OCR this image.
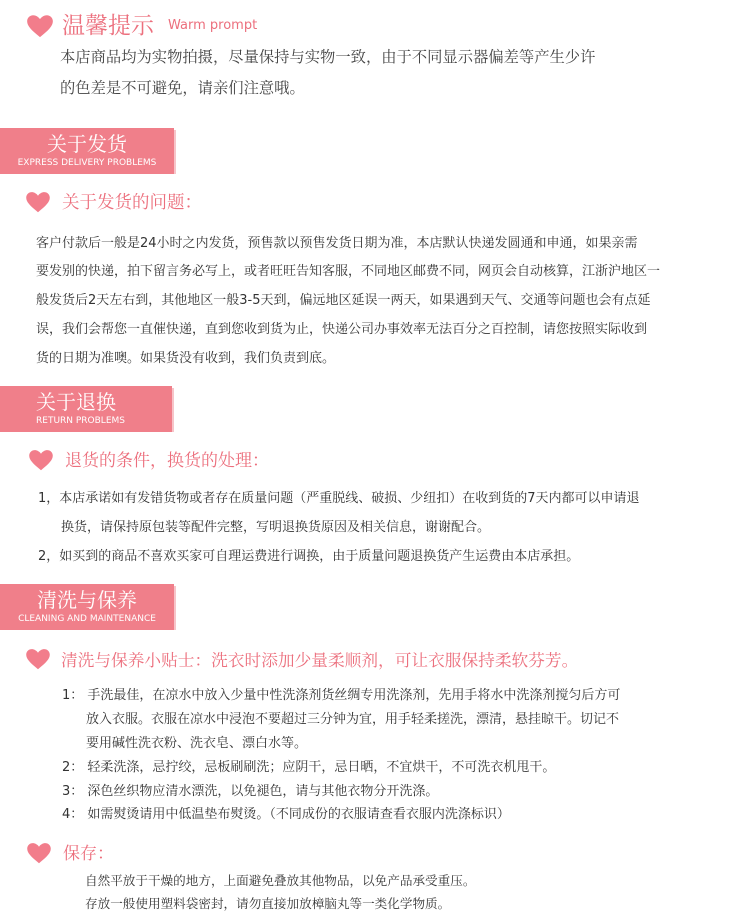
温馨提示 Warm prompt
本店商品均为实物拍摄，尽量保持与实物一致，由于不同显示器偏差等产生少许
的色差是不可避免，请亲们注意哦。
关于发货
EXPRESS DELIVERY PROBLEMS
关于发货的问题：
客户付款后一般是24小时之内发货，预售款以预售发货日期为准，本店默认快递发圆通和申通，如果亲需
要发别的快递，拍下留言务必写上，或者旺旺告知客服，不同地区邮费不同，网页会自动核算，江浙沪地区一
般发货后2天左右到，其他地区一般3-5天到，偏远地区延误一两天，如果遇到天气、交通等问题也会有点延
误，我们会帮您一直催快递，直到您收到货为止，快递公司办事效率无法百分之百控制，请您按照实际收到
货的日期为准噢。如果货没有收到，我们负责到底。
关于退换
RETURN PROBLEMS
退货的条件，换货的处理：
1，本店承诺如有发错货物或者存在质量问题（严重脱线、破损、少纽扣）在收到货的7天内都可以申请退
换货，请保持原包装等配件完整，写明退换货原因及相关信息，谢谢配合。
2，如买到的商品不喜欢买家可自理运费进行调换，由于质量问题退换货产生运费由本店承担。
清洗与保养
CLEANING AND MAINTENANCE
清洗与保养小贴士：洗衣时添加少量柔顺剂，可让衣服保持柔软芬芳。
1： 手洗最佳，在凉水中放入少量中性洗涤剂货丝绸专用洗涤剂，先用手将水中洗涤剂搅匀后方可
放入衣服。衣服在凉水中浸泡不要超过三分钟为宜，用手轻柔搓洗，漂清，悬挂晾干。切记不
要用碱性洗衣粉、洗衣皂、漂白水等。
2： 轻柔洗涤，忌拧绞，忌板刷刷洗；应阴干，忌日晒，不宜烘干，不可洗衣机甩干。
3： 深色丝织物应清水漂洗，以免褪色，请与其他衣物分开洗涤。
4： 如需熨烫请用中低温垫布熨烫。（不同成份的衣服请查看衣服内洗涤标识）
保存：
自然平放于干燥的地方，上面避免叠放其他物品，以免产品承受重压。
存放一般使用塑料袋密封，请勿直接加放樟脑丸等一类化学物质。
